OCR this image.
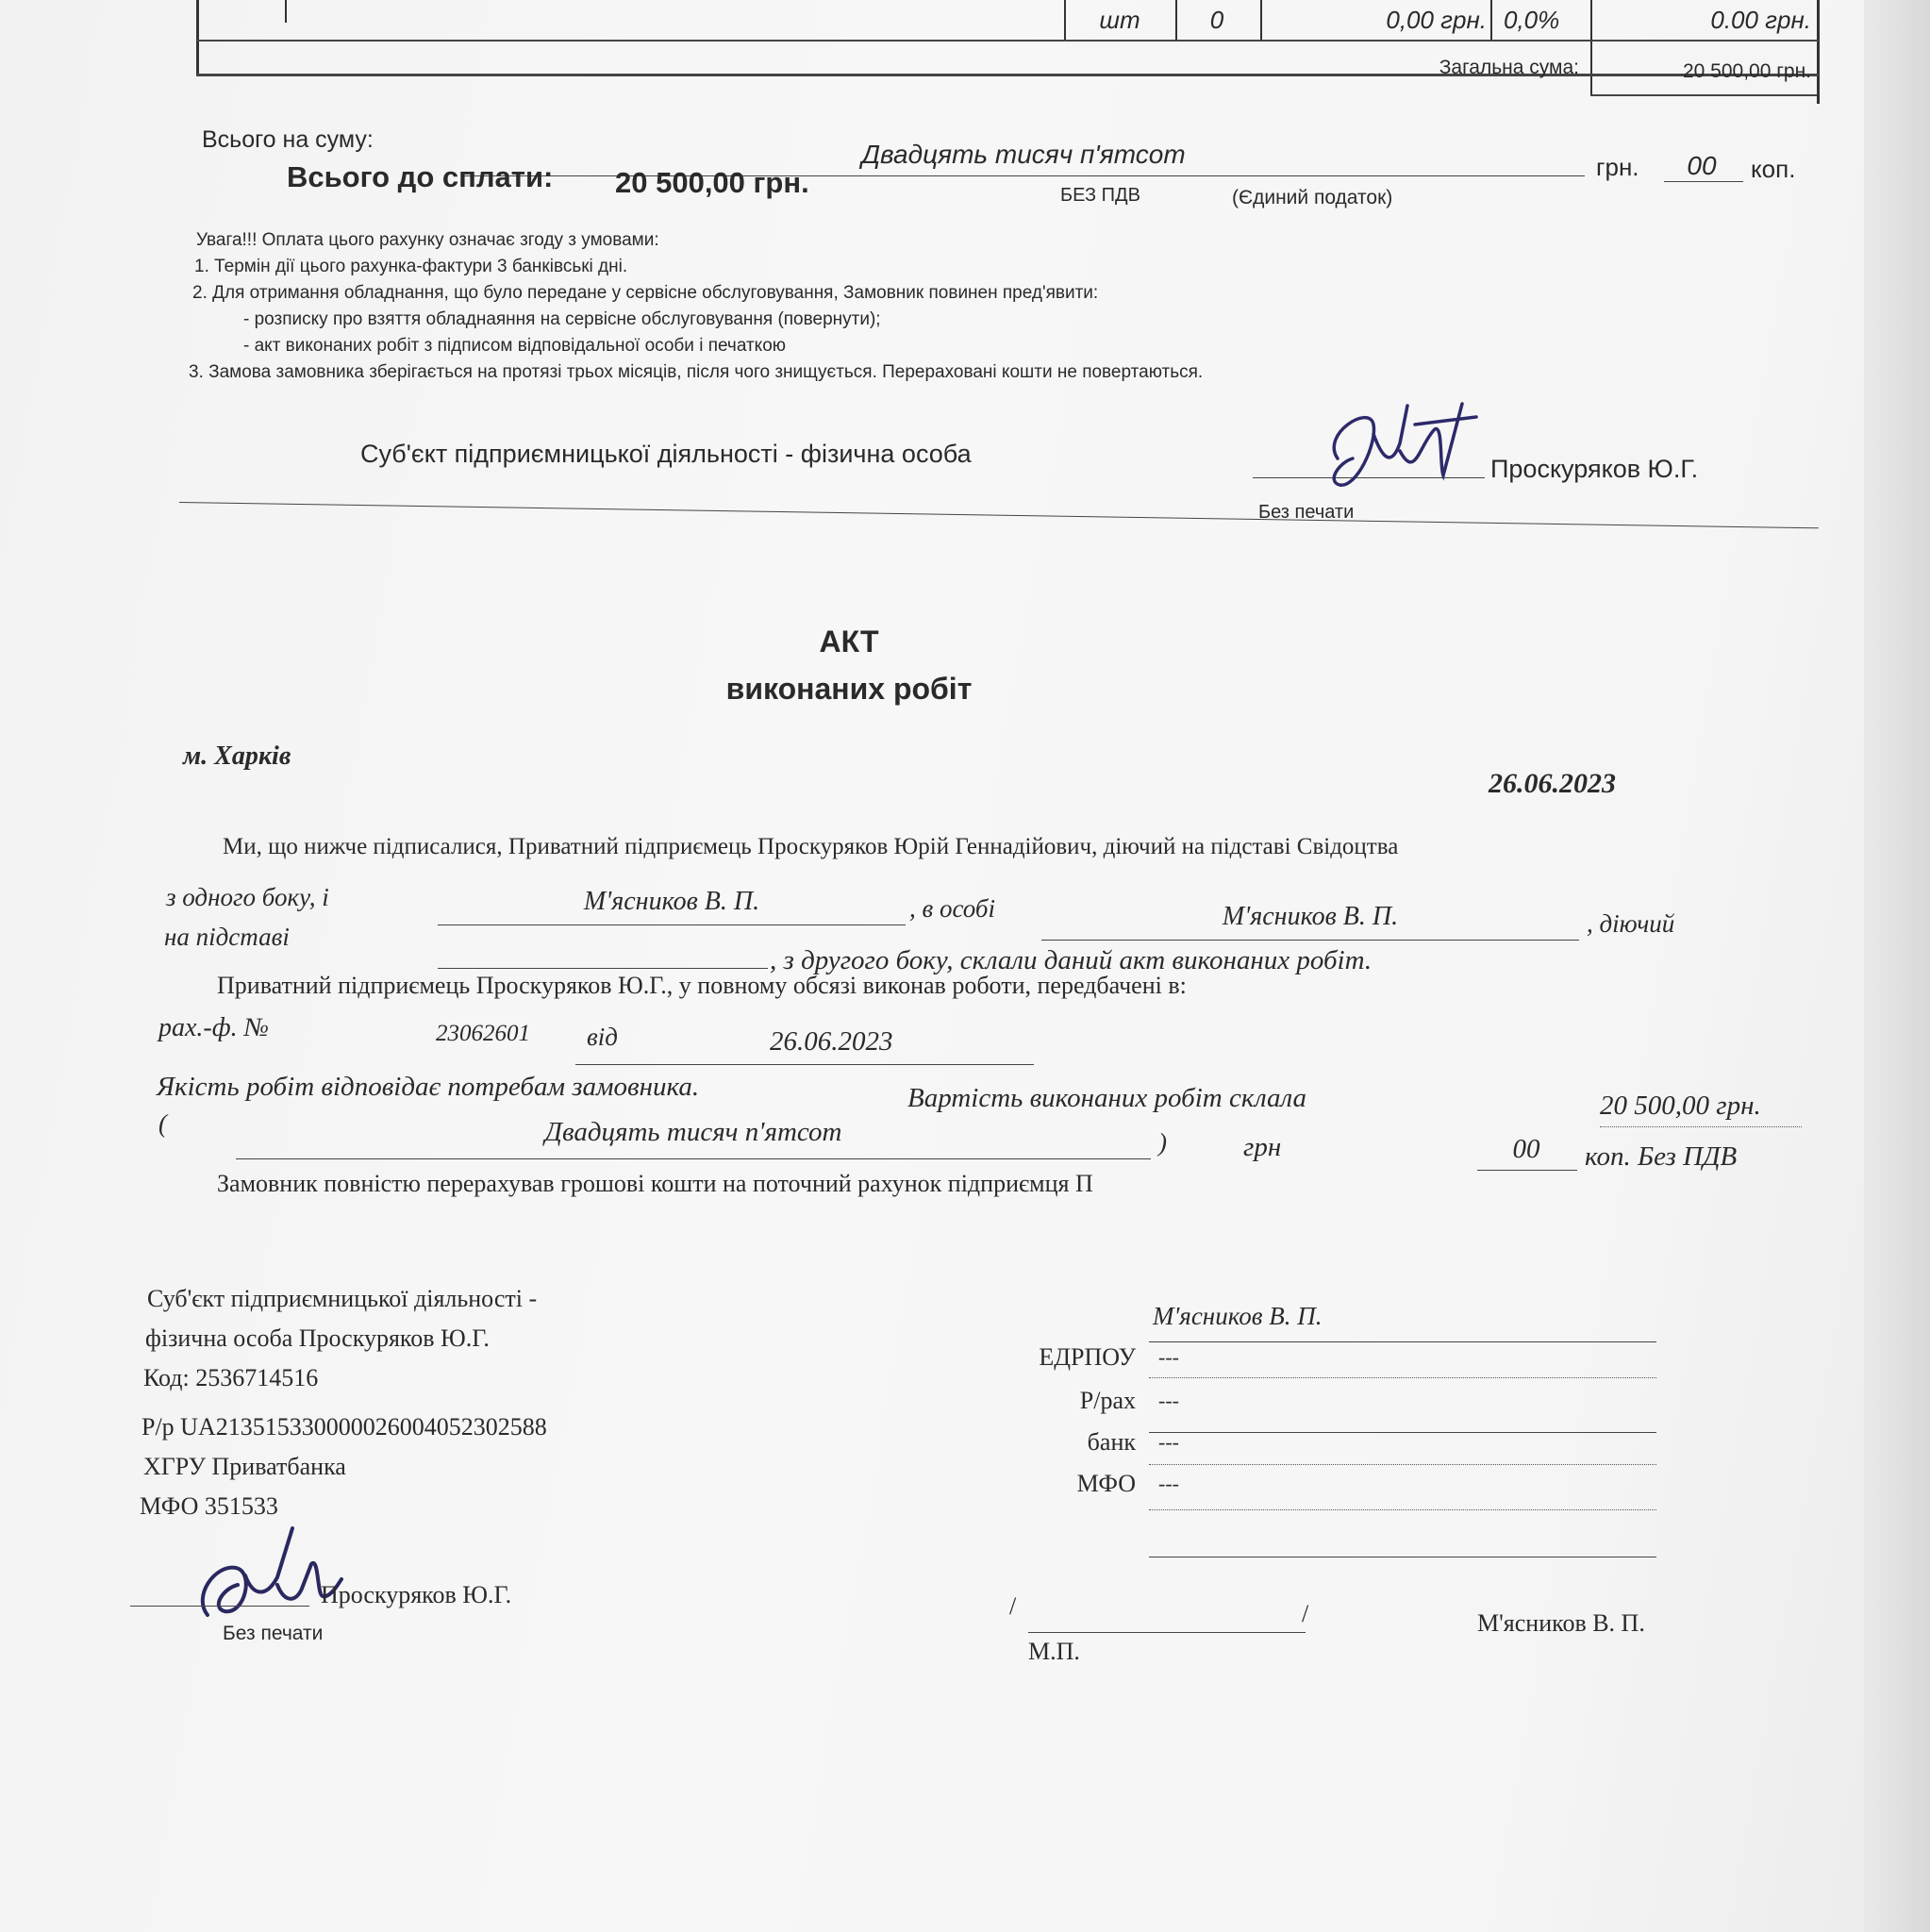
шт	0	0,00 грн. 0,0%	0.00 грн.
Загальна сума:	20 500,00 грн.
Всього на суму:	Двадцять тисяч п'ятсот	грн.	00	коп.
Всього до сплати: 20 500,00 грн.	БЕЗ ПДВ	(Єдиний податок)
Увага!!! Оплата цього рахунку означає згоду з умовами:
1. Термін дії цього рахунка-фактури 3 банківські дні.
2. Для отримання обладнання, що було передане у сервісне обслуговування, Замовник повинен пред'явити:
- розписку про взяття обладнаяння на сервісне обслуговування (повернути);
- акт виконаних робіт з підписом відповідальної особи і печаткою
3. Замова замовника зберігається на протязі трьох місяців, після чого знищується. Перераховані кошти не повертаються.
Суб'єкт підприємницької діяльності - фізична особа
Проскуряков Ю.Г.
Без печати
АКТ
виконаних робіт
м. Харків
26.06.2023
Ми, що нижче підписалися, Приватний підприємець Проскуряков Юрій Геннадійович, діючий на підставі Свідоцтва
з одного боку, і	М'ясников В. П.	, в особі	М'ясников В. П.	, діючий
на підставі
, з другого боку, склали даний акт виконаних робіт.
Приватний підприємець Проскуряков Ю.Г., у повному обсязі виконав роботи, передбачені в:
рах.-ф. №	23062601 від	26.06.2023
Якість робіт відповідає потребам замовника.	Вартість виконаних робіт склала	20 500,00 грн.
(	Двадцять тисяч п'ятсот	)	грн	00	коп. Без ПДВ
Замовник повністю перерахував грошові кошти на поточний рахунок підприємця П
Суб'єкт підприємницької діяльності -
фізична особа Проскуряков Ю.Г.
Код: 2536714516
Р/р UA213515330000026004052302588
ХГРУ Приватбанка
МФО 351533
Проскуряков Ю.Г.
Без печати
М'ясников В. П.
ЕДРПОУ ---
Р/рах ---
банк ---
МФО ---
/	/
М.П.
М'ясников В. П.
